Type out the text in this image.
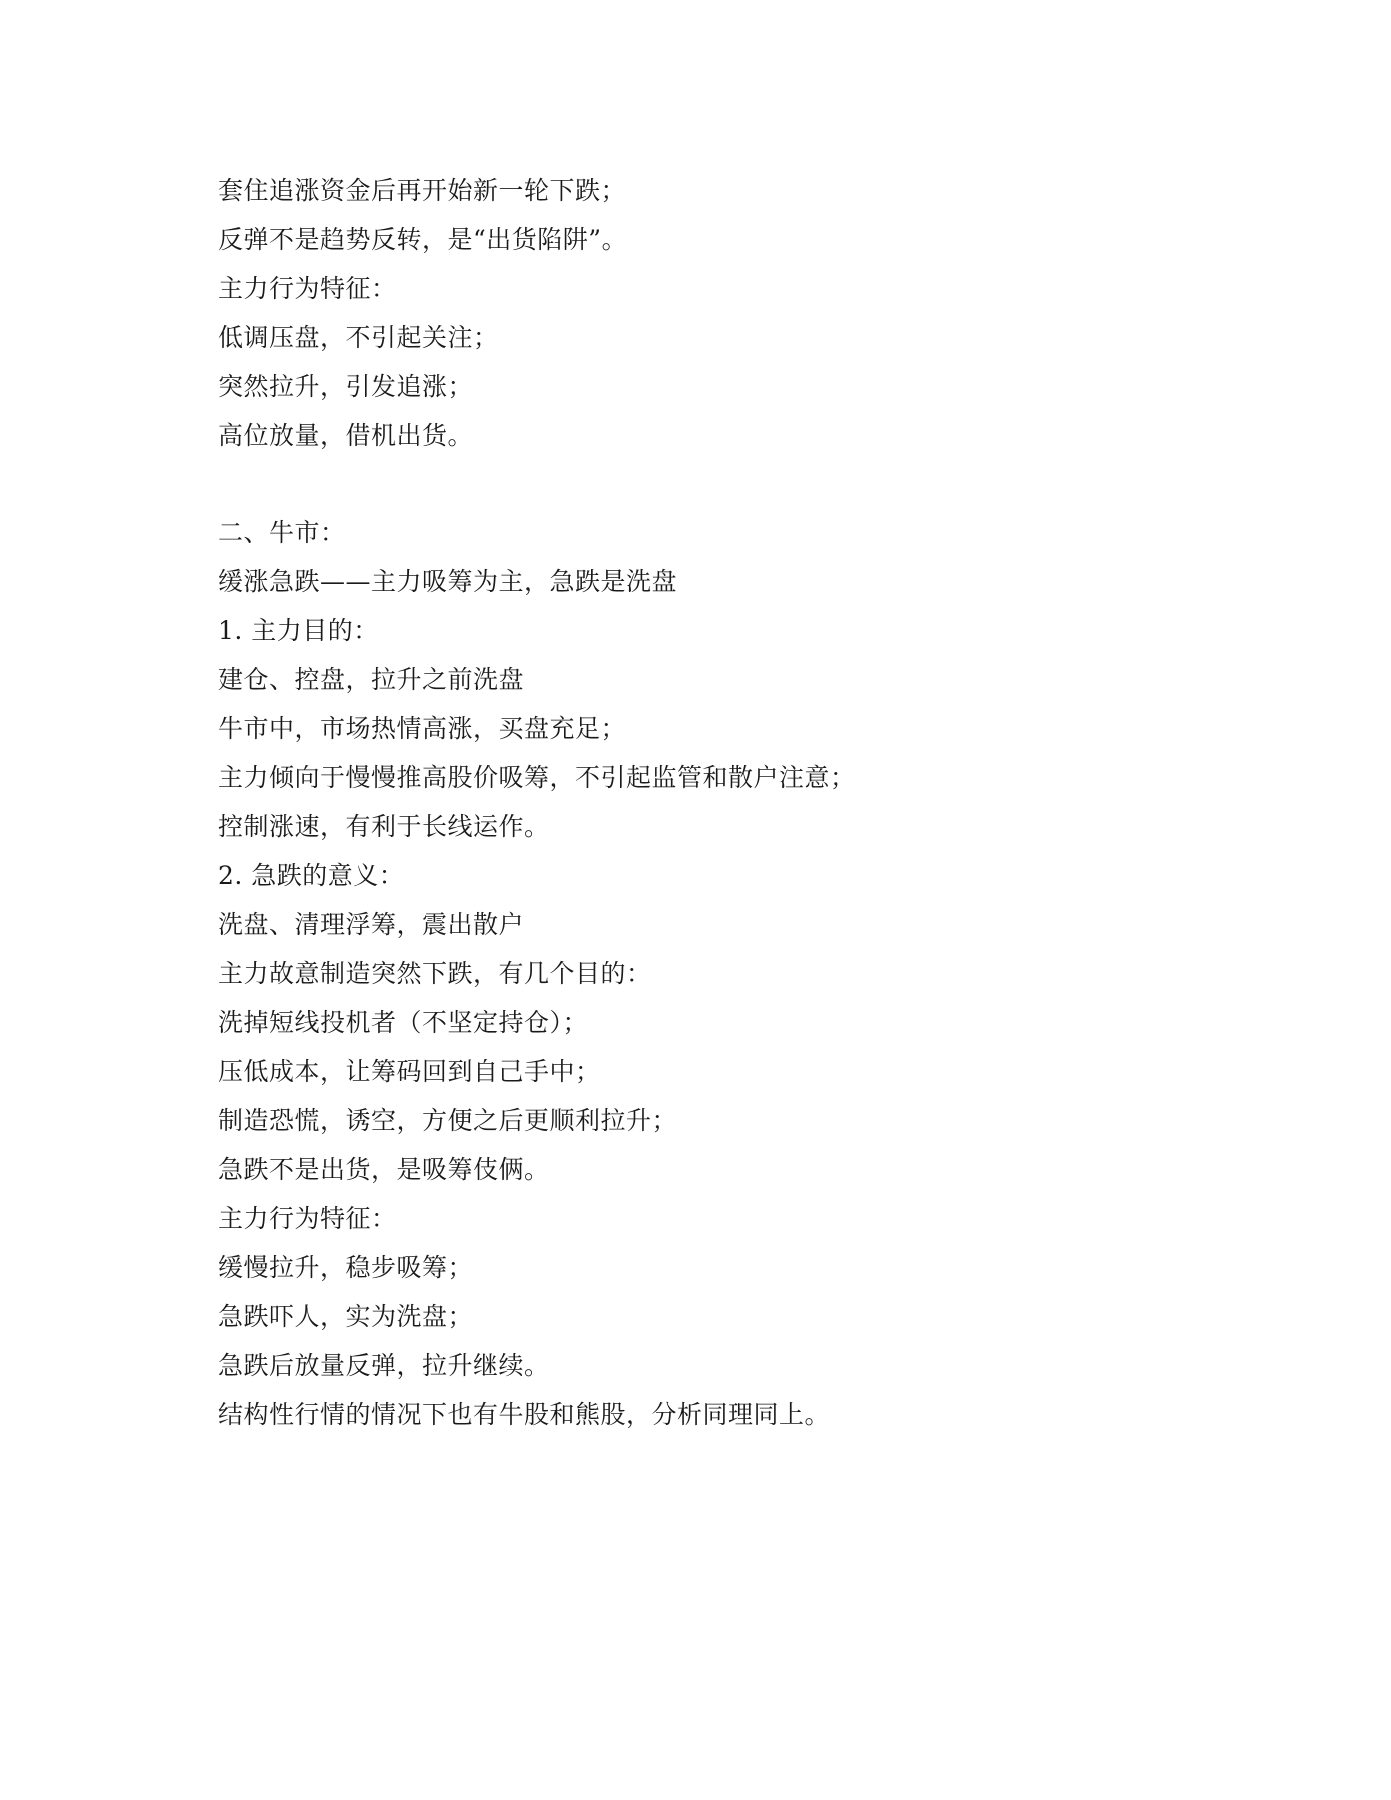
套住追涨资金后再开始新一轮下跌；
反弹不是趋势反转，是“出货陷阱”。
主力行为特征：
低调压盘，不引起关注；
突然拉升，引发追涨；
高位放量，借机出货。
二、牛市：
缓涨急跌——主力吸筹为主，急跌是洗盘
1. 主力目的：
建仓、控盘，拉升之前洗盘
牛市中，市场热情高涨，买盘充足；
主力倾向于慢慢推高股价吸筹，不引起监管和散户注意；
控制涨速，有利于长线运作。
2. 急跌的意义：
洗盘、清理浮筹，震出散户
主力故意制造突然下跌，有几个目的：
洗掉短线投机者（不坚定持仓）；
压低成本，让筹码回到自己手中；
制造恐慌，诱空，方便之后更顺利拉升；
急跌不是出货，是吸筹伎俩。
主力行为特征：
缓慢拉升，稳步吸筹；
急跌吓人，实为洗盘；
急跌后放量反弹，拉升继续。
结构性行情的情况下也有牛股和熊股，分析同理同上。
